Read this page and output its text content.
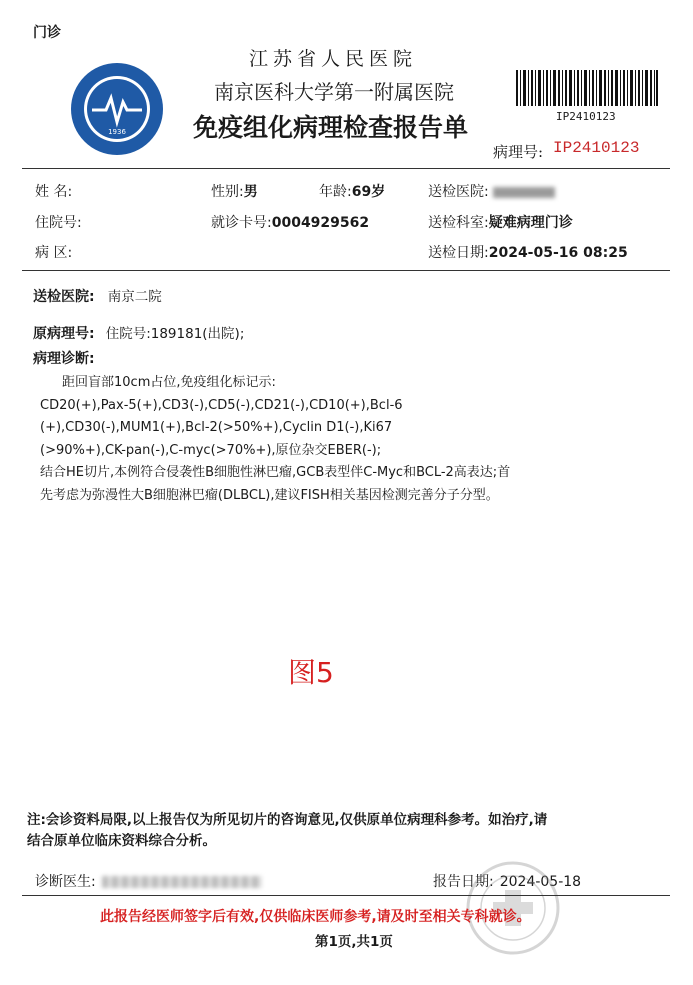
门诊
1936
江苏省人民医院
南京医科大学第一附属医院
免疫组化病理检查报告单	IP2410123
病理号: IP2410123
姓 名:	性别:男	年龄:69岁	送检医院:
住院号:	就诊卡号:0004929562	送检科室:疑难病理门诊
病 区:	送检日期:2024-05-16 08:25
送检医院: 南京二院
原病理号: 住院号:189181(出院);
病理诊断:

距回盲部10cm占位,免疫组化标记示:

CD20(+),Pax-5(+),CD3(-),CD5(-),CD21(-),CD10(+),Bcl-6

(+),CD30(-),MUM1(+),Bcl-2(>50%+),Cyclin D1(-),Ki67

(>90%+),CK-pan(-),C-myc(>70%+),原位杂交EBER(-);

结合HE切片,本例符合侵袭性B细胞性淋巴瘤,GCB表型伴C-Myc和BCL-2高表达;首

先考虑为弥漫性大B细胞淋巴瘤(DLBCL),建议FISH相关基因检测完善分子分型。

图5
注:会诊资料局限,以上报告仅为所见切片的咨询意见,仅供原单位病理科参考。如治疗,请
结合原单位临床资料综合分析。
诊断医生:	报告日期: 2024-05-18
此报告经医师签字后有效,仅供临床医师参考,请及时至相关专科就诊。
第1页,共1页
